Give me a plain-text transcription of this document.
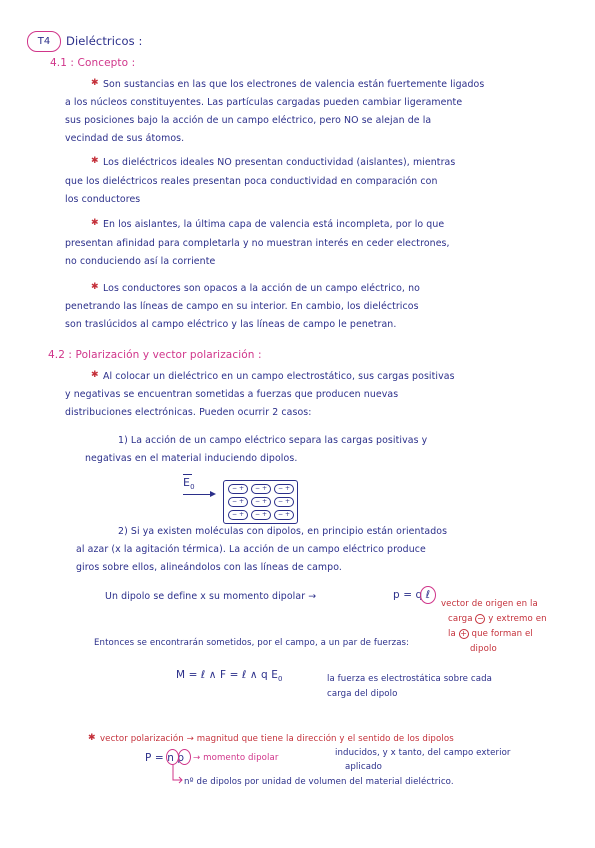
T4	Dieléctricos :
4.1 : Concepto :
✱ Son sustancias en las que los electrones de valencia están fuertemente ligados
a los núcleos constituyentes. Las partículas cargadas pueden cambiar ligeramente
sus posiciones bajo la acción de un campo eléctrico, pero NO se alejan de la
vecindad de sus átomos.
✱ Los dieléctricos ideales NO presentan conductividad (aislantes), mientras
que los dieléctricos reales presentan poca conductividad en comparación con
los conductores
✱ En los aislantes, la última capa de valencia está incompleta, por lo que
presentan afinidad para completarla y no muestran interés en ceder electrones,
no conduciendo así la corriente
✱ Los conductores son opacos a la acción de un campo eléctrico, no
penetrando las líneas de campo en su interior. En cambio, los dieléctricos
son traslúcidos al campo eléctrico y las líneas de campo le penetran.
4.2 : Polarización y vector polarización :
✱ Al colocar un dieléctrico en un campo electrostático, sus cargas positivas
y negativas se encuentran sometidas a fuerzas que producen nuevas
distribuciones electrónicas. Pueden ocurrir 2 casos:
1) La acción de un campo eléctrico separa las cargas positivas y
negativas en el material induciendo dipolos.
$E_0$	− +	− +	− +
− +	− +	− +
− +	− +	− +
2) Si ya existen moléculas con dipolos, en principio están orientados
al azar (x la agitación térmica). La acción de un campo eléctrico produce
giros sobre ellos, alineándolos con las líneas de campo.
Un dipolo se define x su momento dipolar →	p = q ℓ
vector de origen en la
carga − y extremo en
la + que forman el
dipolo
Entonces se encontrarán sometidos, por el campo, a un par de fuerzas:
M = ℓ ∧ F = ℓ ∧ q $E_0$	la fuerza es electrostática sobre cada
carga del dipolo
✱ vector polarización → magnitud que tiene la dirección y el sentido de los dipolos
P = n p → momento dipolar	inducidos, y x tanto, del campo exterior
aplicado
nº de dipolos por unidad de volumen del material dieléctrico.
